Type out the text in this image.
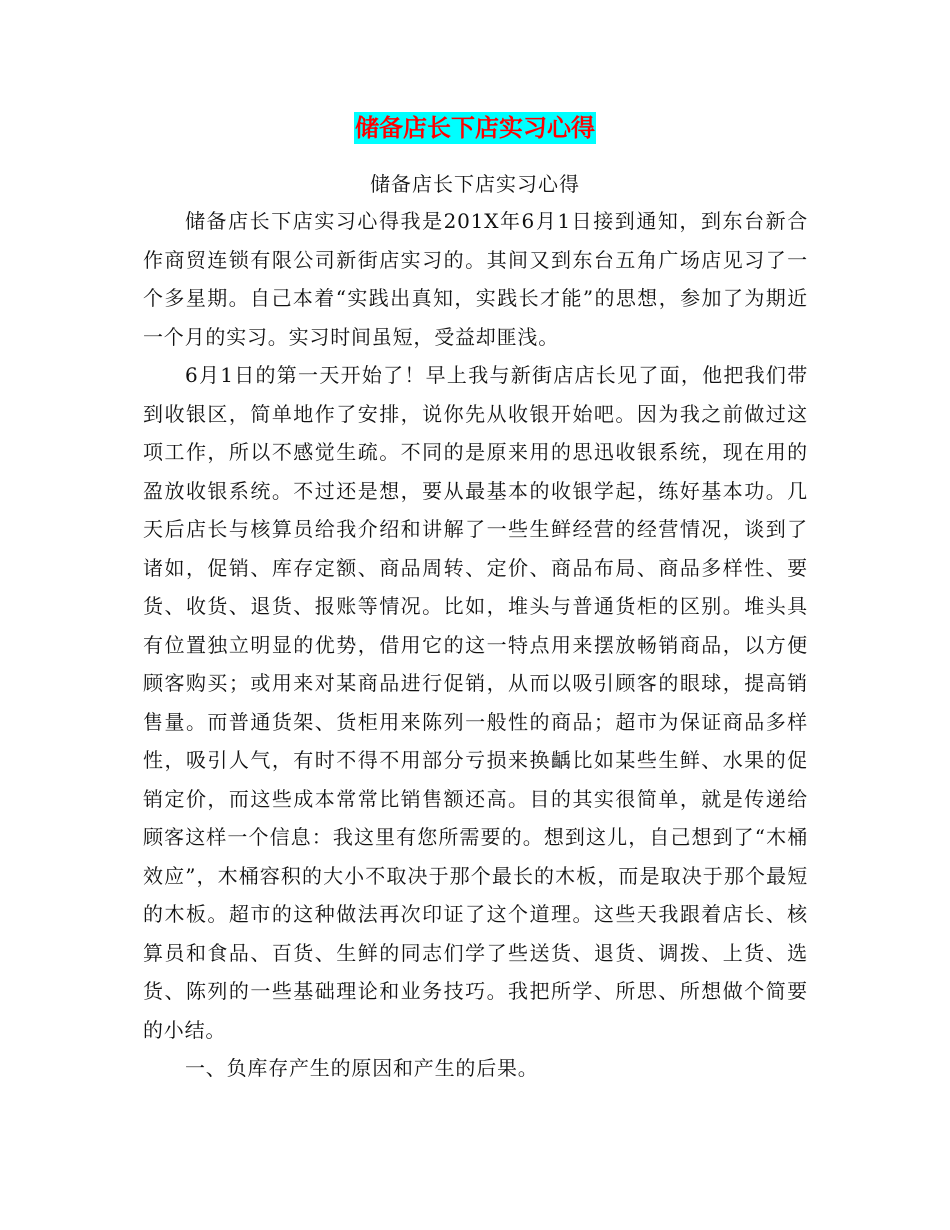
储备店长下店实习心得
储备店长下店实习心得

储备店长下店实习心得我是201X年6月1日接到通知，到东台新合作商贸连锁有限公司新街店实习的。其间又到东台五角广场店见习了一个多星期。自己本着“实践出真知，实践长才能”的思想，参加了为期近一个月的实习。实习时间虽短，受益却匪浅。

6月1日的第一天开始了！早上我与新街店店长见了面，他把我们带到收银区，简单地作了安排，说你先从收银开始吧。因为我之前做过这项工作，所以不感觉生疏。不同的是原来用的思迅收银系统，现在用的盈放收银系统。不过还是想，要从最基本的收银学起，练好基本功。几天后店长与核算员给我介绍和讲解了一些生鲜经营的经营情况，谈到了诸如，促销、库存定额、商品周转、定价、商品布局、商品多样性、要货、收货、退货、报账等情况。比如，堆头与普通货柜的区别。堆头具有位置独立明显的优势，借用它的这一特点用来摆放畅销商品，以方便顾客购买；或用来对某商品进行促销，从而以吸引顾客的眼球，提高销售量。而普通货架、货柜用来陈列一般性的商品；超市为保证商品多样性，吸引人气，有时不得不用部分亏损来换齲比如某些生鲜、水果的促销定价，而这些成本常常比销售额还高。目的其实很简单，就是传递给顾客这样一个信息：我这里有您所需要的。想到这儿，自己想到了“木桶效应”，木桶容积的大小不取决于那个最长的木板，而是取决于那个最短的木板。超市的这种做法再次印证了这个道理。这些天我跟着店长、核算员和食品、百货、生鲜的同志们学了些送货、退货、调拨、上货、选货、陈列的一些基础理论和业务技巧。我把所学、所思、所想做个简要的小结。

一、负库存产生的原因和产生的后果。
